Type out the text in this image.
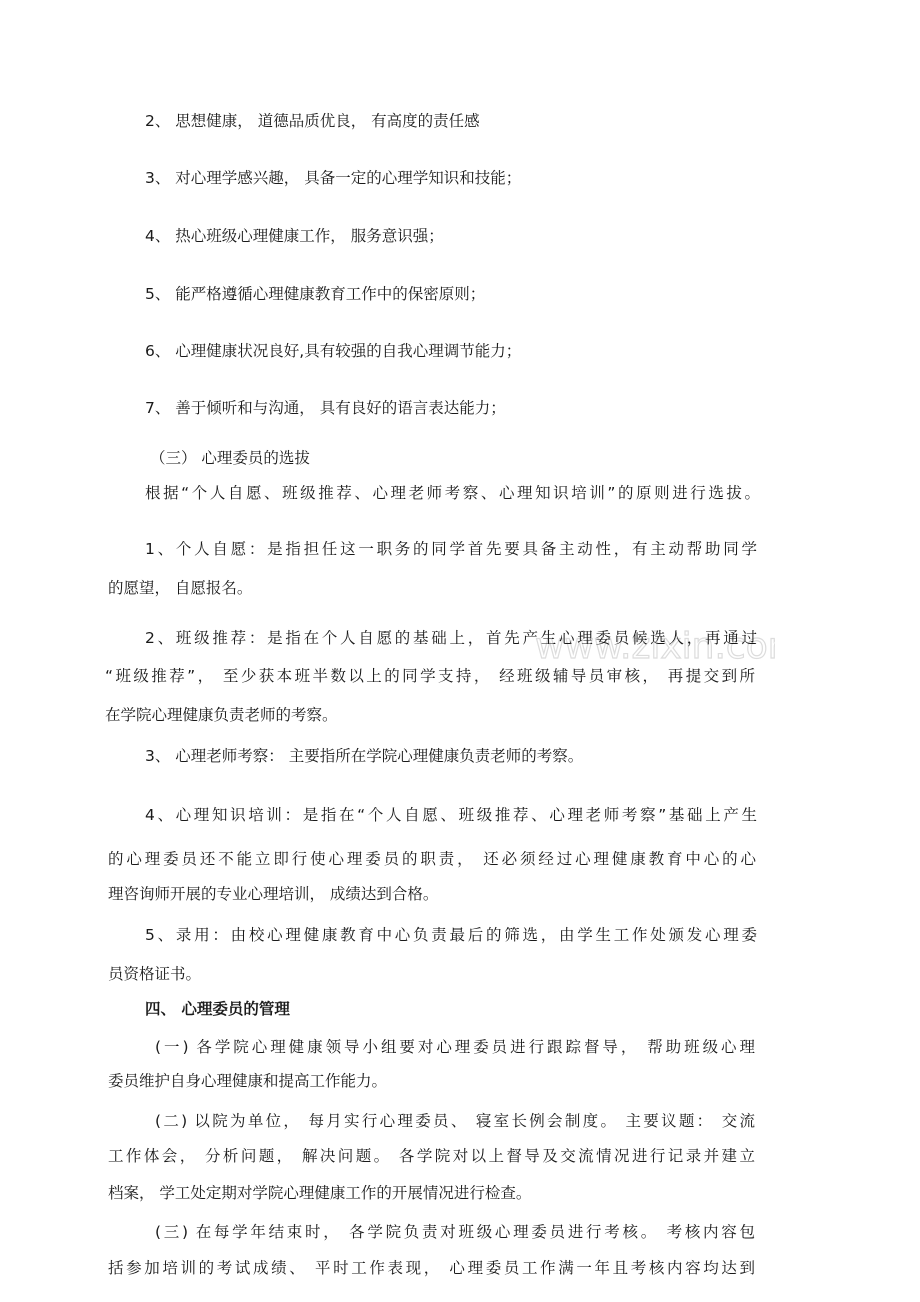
www.zixin.co
2、 思想健康， 道德品质优良， 有高度的责任感
3、 对心理学感兴趣， 具备一定的心理学知识和技能；
4、 热心班级心理健康工作， 服务意识强；
5、 能严格遵循心理健康教育工作中的保密原则；
6、 心理健康状况良好,具有较强的自我心理调节能力；
7、 善于倾听和与沟通， 具有良好的语言表达能力；
（三） 心理委员的选拔
根据“个人自愿、班级推荐、心理老师考察、心理知识培训”的原则进行选拔。
1、个人自愿：是指担任这一职务的同学首先要具备主动性，有主动帮助同学
的愿望， 自愿报名。
2、班级推荐：是指在个人自愿的基础上，首先产生心理委员候选人，再通过
“班级推荐”， 至少获本班半数以上的同学支持， 经班级辅导员审核， 再提交到所
在学院心理健康负责老师的考察。
3、 心理老师考察： 主要指所在学院心理健康负责老师的考察。
4、心理知识培训：是指在“个人自愿、班级推荐、心理老师考察”基础上产生
的心理委员还不能立即行使心理委员的职责， 还必须经过心理健康教育中心的心
理咨询师开展的专业心理培训， 成绩达到合格。
5、录用：由校心理健康教育中心负责最后的筛选，由学生工作处颁发心理委
员资格证书。
四、 心理委员的管理
(一) 各学院心理健康领导小组要对心理委员进行跟踪督导， 帮助班级心理
委员维护自身心理健康和提高工作能力。
(二) 以院为单位， 每月实行心理委员、 寝室长例会制度。 主要议题： 交流
工作体会， 分析问题， 解决问题。 各学院对以上督导及交流情况进行记录并建立
档案， 学工处定期对学院心理健康工作的开展情况进行检查。
(三) 在每学年结束时， 各学院负责对班级心理委员进行考核。 考核内容包
括参加培训的考试成绩、 平时工作表现， 心理委员工作满一年且考核内容均达到
